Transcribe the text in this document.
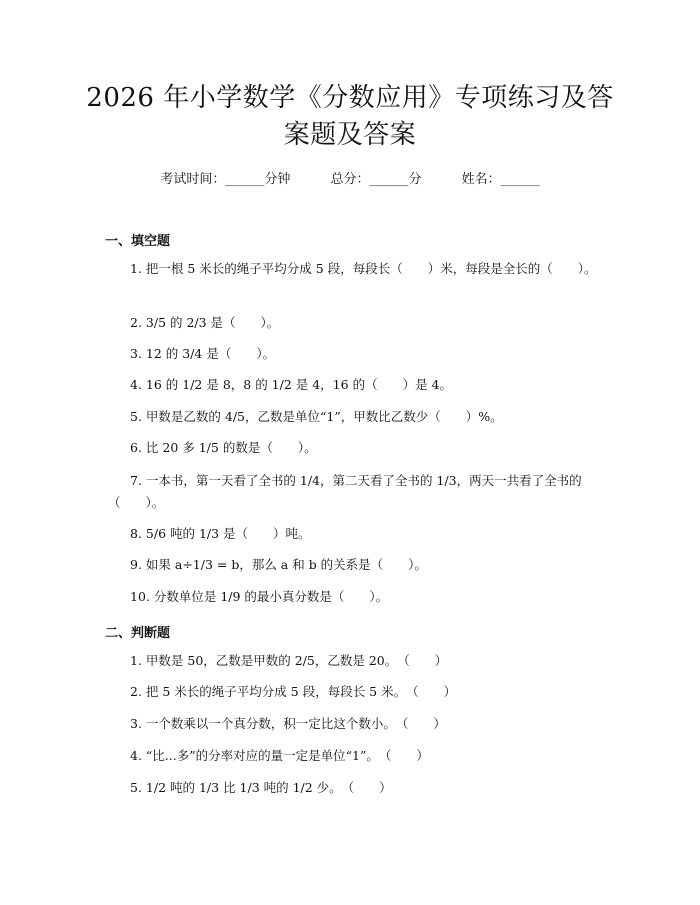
2026 年小学数学《分数应用》专项练习及答
案题及答案
考试时间：______分钟	总分：______分	姓名：______
一、填空题
1. 把一根 5 米长的绳子平均分成 5 段，每段长（　　）米，每段是全长的（　　）。
2. 3/5 的 2/3 是（　　）。
3. 12 的 3/4 是（　　）。
4. 16 的 1/2 是 8，8 的 1/2 是 4，16 的（　　）是 4。
5. 甲数是乙数的 4/5，乙数是单位“1”，甲数比乙数少（　　）%。
6. 比 20 多 1/5 的数是（　　）。
7. 一本书，第一天看了全书的 1/4，第二天看了全书的 1/3，两天一共看了全书的（　　）。
8. 5/6 吨的 1/3 是（　　）吨。
9. 如果 a÷1/3 = b，那么 a 和 b 的关系是（　　）。
10. 分数单位是 1/9 的最小真分数是（　　）。
二、判断题
1. 甲数是 50，乙数是甲数的 2/5，乙数是 20。　（　　）
2. 把 5 米长的绳子平均分成 5 段，每段长 5 米。　（　　）
3. 一个数乘以一个真分数，积一定比这个数小。　（　　）
4. “比...多”的分率对应的量一定是单位“1”。　（　　）
5. 1/2 吨的 1/3 比 1/3 吨的 1/2 少。　（　　）
